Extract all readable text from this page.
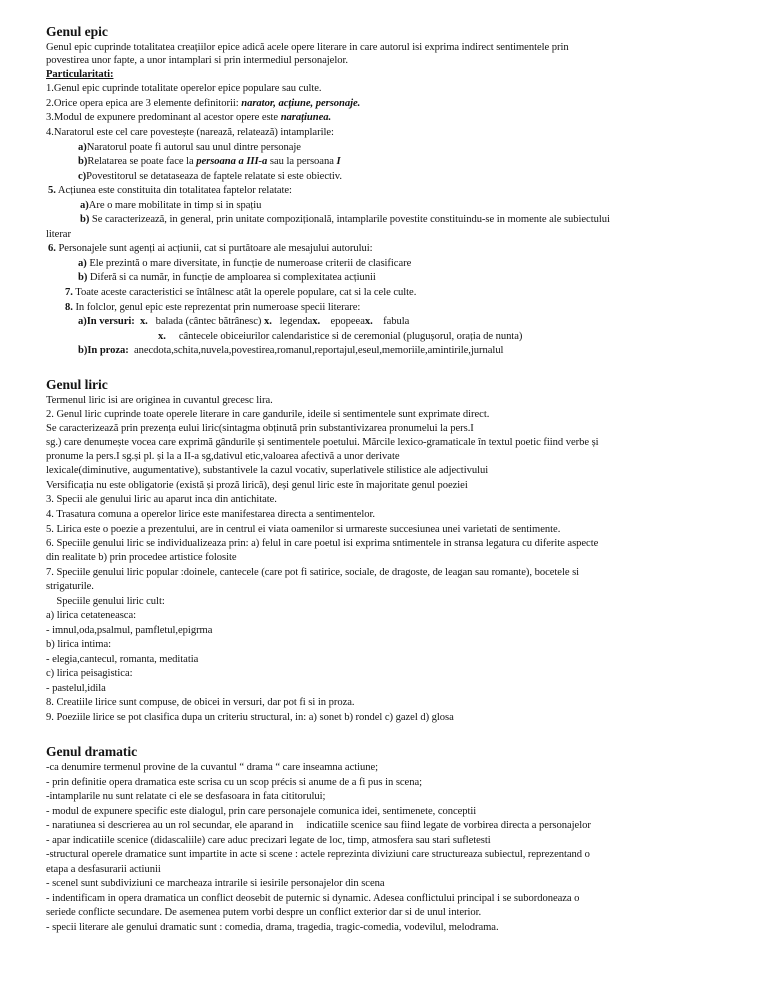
Genul epic
Genul epic cuprinde totalitatea creațiilor epice adică acele opere literare in care autorul isi exprima indirect sentimentele prin
povestirea unor fapte, a unor intamplari si prin intermediul personajelor.
Particularitati:
1.Genul epic cuprinde totalitate operelor epice populare sau culte.
2.Orice opera epica are 3 elemente definitorii: narator, acțiune, personaje.
3.Modul de expunere predominant al acestor opere este narațiunea.
4.Naratorul este cel care povestește (narează, relatează) intamplarile:
a)Naratorul poate fi autorul sau unul dintre personaje
b)Relatarea se poate face la persoana a III-a sau la persoana I
c)Povestitorul se detataseaza de faptele relatate si este obiectiv.
5. Acțiunea este constituita din totalitatea faptelor relatate:
a)Are o mare mobilitate in timp si in spațiu
b) Se caracterizează, in general, prin unitate compozițională, intamplarile povestite constituindu-se in momente ale subiectului
literar
6. Personajele sunt agenți ai acțiunii, cat si purtătoare ale mesajului autorului:
a) Ele prezintă o mare diversitate, in funcție de numeroase criterii de clasificare
b) Diferă si ca număr, in funcție de amploarea si complexitatea acțiunii
7. Toate aceste caracteristici se întâlnesc atât la operele populare, cat si la cele culte.
8. In folclor, genul epic este reprezentat prin numeroase specii literare:
a)In versuri: x. balada (cântec bătrânesc) x. legendax. epopeeax. fabula
x. cântecele obiceiurilor calendaristice si de ceremonial (plugușorul, orația de nunta)
b)In proza: anecdota,schita,nuvela,povestirea,romanul,reportajul,eseul,memoriile,amintirile,jurnalul
Genul liric
Termenul liric isi are originea in cuvantul grecesc lira.
2. Genul liric cuprinde toate operele literare in care gandurile, ideile si sentimentele sunt exprimate direct.
Se caracterizează prin prezența eului liric(sintagma obținută prin substantivizarea pronumelui la pers.I
sg.) care denumește vocea care exprimă gândurile și sentimentele poetului. Mărcile lexico-gramaticale în textul poetic fiind verbe și
pronume la pers.I sg.și pl. și la a II-a sg,dativul etic,valoarea afectivă a unor derivate
lexicale(diminutive, augumentative), substantivele la cazul vocativ, superlativele stilistice ale adjectivului
Versificația nu este obligatorie (există și proză lirică), deși genul liric este în majoritate genul poeziei
3. Specii ale genului liric au aparut inca din antichitate.
4. Trasatura comuna a operelor lirice este manifestarea directa a sentimentelor.
5. Lirica este o poezie a prezentului, are in centrul ei viata oamenilor si urmareste succesiunea unei varietati de sentimente.
6. Speciile genului liric se individualizeaza prin: a) felul in care poetul isi exprima sntimentele in stransa legatura cu diferite aspecte
din realitate b) prin procedee artistice folosite
7. Speciile genului liric popular :doinele, cantecele (care pot fi satirice, sociale, de dragoste, de leagan sau romante), bocetele si
strigaturile.
Speciile genului liric cult:
a) lirica cetateneasca:
- imnul,oda,psalmul, pamfletul,epigrma
b) lirica intima:
- elegia,cantecul, romanta, meditatia
c) lirica peisagistica:
- pastelul,idila
8. Creatiile lirice sunt compuse, de obicei in versuri, dar pot fi si in proza.
9. Poeziile lirice se pot clasifica dupa un criteriu structural, in: a) sonet b) rondel c) gazel d) glosa
Genul dramatic
-ca denumire termenul provine de la cuvantul “ drama “ care inseamna actiune;
- prin definitie opera dramatica este scrisa cu un scop précis si anume de a fi pus in scena;
-intamplarile nu sunt relatate ci ele se desfasoara in fata cititorului;
- modul de expunere specific este dialogul, prin care personajele comunica idei, sentimenete, conceptii
- naratiunea si descrierea au un rol secundar, ele aparand in     indicatiile scenice sau fiind legate de vorbirea directa a personajelor
- apar indicatiile scenice (didascaliile) care aduc precizari legate de loc, timp, atmosfera sau stari sufletesti
-structural operele dramatice sunt impartite in acte si scene : actele reprezinta diviziuni care structureaza subiectul, reprezentand o
etapa a desfasurarii actiunii
- scenel sunt subdiviziuni ce marcheaza intrarile si iesirile personajelor din scena
- indentificam in opera dramatica un conflict deosebit de puternic si dynamic. Adesea conflictului principal i se subordoneaza o
seriede conflicte secundare. De asemenea putem vorbi despre un conflict exterior dar si de unul interior.
- specii literare ale genului dramatic sunt : comedia, drama, tragedia, tragic-comedia, vodevilul, melodrama.
